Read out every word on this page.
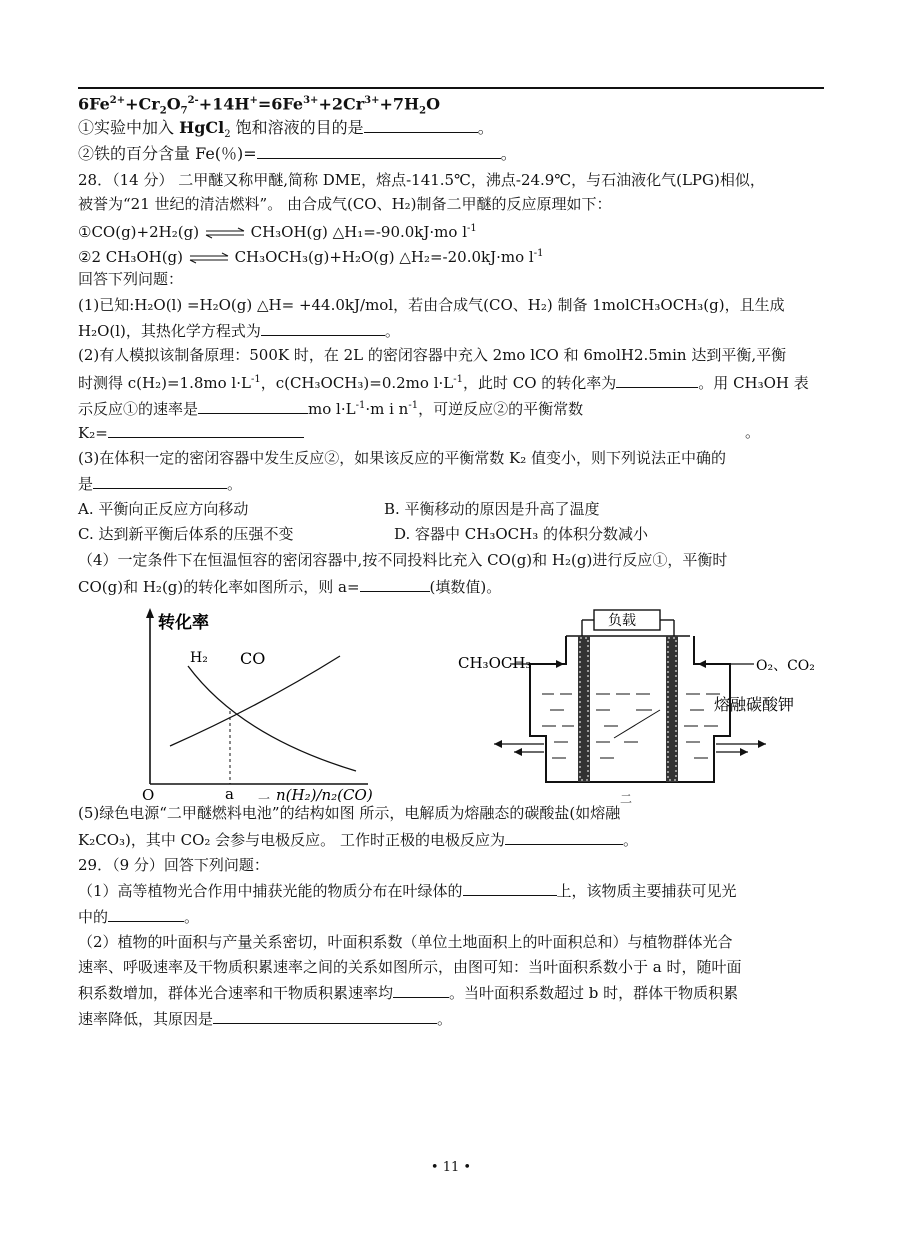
$6Fe^{2+}+Cr_2O_7^{2-}+14H^+=6Fe^{3+}+2Cr^{3+}+7H_2O$
①实验中加入 HgCl$_2$ 饱和溶液的目的是	。
②铁的百分含量 Fe(％)=	。
28．（14 分） 二甲醚又称甲醚,简称 DME，熔点-141.5℃，沸点-24.9℃，与石油液化气(LPG)相似，
被誉为“21 世纪的清洁燃料”。 由合成气(CO、H₂)制备二甲醚的反应原理如下：
①CO(g)+2H₂(g) ⇌ CH₃OH(g) △H₁=-90.0kJ·mo $l^{-1}$
②2 CH₃OH(g) ⇌ CH₃OCH₃(g)+H₂O(g) △H₂=-20.0kJ·mo $l^{-1}$
回答下列问题：
(1)已知:H₂O(l) =H₂O(g) △H= +44.0kJ/mol，若由合成气(CO、H₂) 制备 1molCH₃OCH₃(g)，且生成
H₂O(l)，其热化学方程式为	。
(2)有人模拟该制备原理：500K 时，在 2L 的密闭容器中充入 2mo lCO 和 6molH2.5min 达到平衡,平衡
时测得 c(H₂)=1.8mo $l\cdot L^{-1}$，c(CH₃OCH₃)=0.2mo $l\cdot L^{-1}$，此时 CO 的转化率为	。用 CH₃OH 表
示反应①的速率是	mo $l\cdot L^{-1}\cdot m$ i $n^{-1}$，可逆反应②的平衡常数
K₂=	。
(3)在体积一定的密闭容器中发生反应②，如果该反应的平衡常数 K₂ 值变小，则下列说法正中确的
是	。
A. 平衡向正反应方向移动	B. 平衡移动的原因是升高了温度
C. 达到新平衡后体系的压强不变	D. 容器中 CH₃OCH₃ 的体积分数减小
（4）一定条件下在恒温恒容的密闭容器中,按不同投料比充入 CO(g)和 H₂(g)进行反应①，平衡时
CO(g)和 H₂(g)的转化率如图所示，则 a=	(填数值)。
转化率
H₂ CO
O	a	n(H₂)/n₂(CO)
一
负载
CH₃OCH₃	O₂、CO₂
熔融碳酸钾
二
(5)绿色电源“二甲醚燃料电池”的结构如图 所示，电解质为熔融态的碳酸盐(如熔融
K₂CO₃)，其中 CO₂ 会参与电极反应。 工作时正极的电极反应为	。
29．（9 分）回答下列问题：
（1）高等植物光合作用中捕获光能的物质分布在叶绿体的	上，该物质主要捕获可见光
中的	。
（2）植物的叶面积与产量关系密切，叶面积系数（单位土地面积上的叶面积总和）与植物群体光合
速率、呼吸速率及干物质积累速率之间的关系如图所示，由图可知：当叶面积系数小于 a 时，随叶面
积系数增加，群体光合速率和干物质积累速率均	。当叶面积系数超过 b 时，群体干物质积累
速率降低，其原因是	。
• 11 •
